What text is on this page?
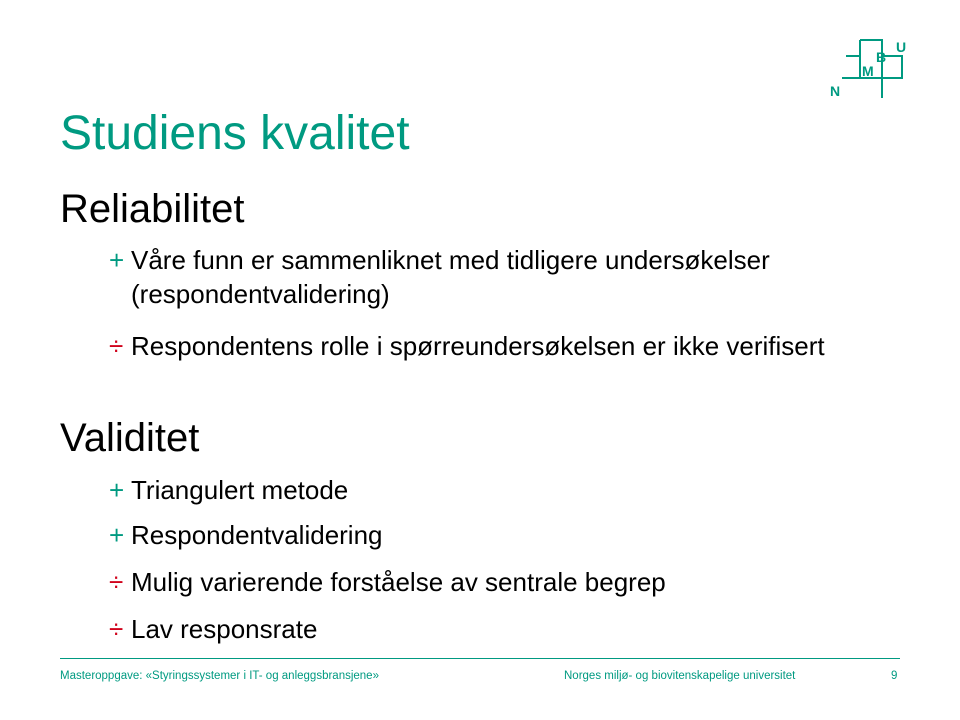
N
M
B
U
Studiens kvalitet
Reliabilitet
+ Våre funn er sammenliknet med tidligere undersøkelser (respondentvalidering)
÷ Respondentens rolle i spørreundersøkelsen er ikke verifisert
Validitet
+ Triangulert metode
+ Respondentvalidering
÷ Mulig varierende forståelse av sentrale begrep
÷ Lav responsrate
Masteroppgave: «Styringssystemer i IT- og anleggsbransjene»	Norges miljø- og biovitenskapelige universitet	9
